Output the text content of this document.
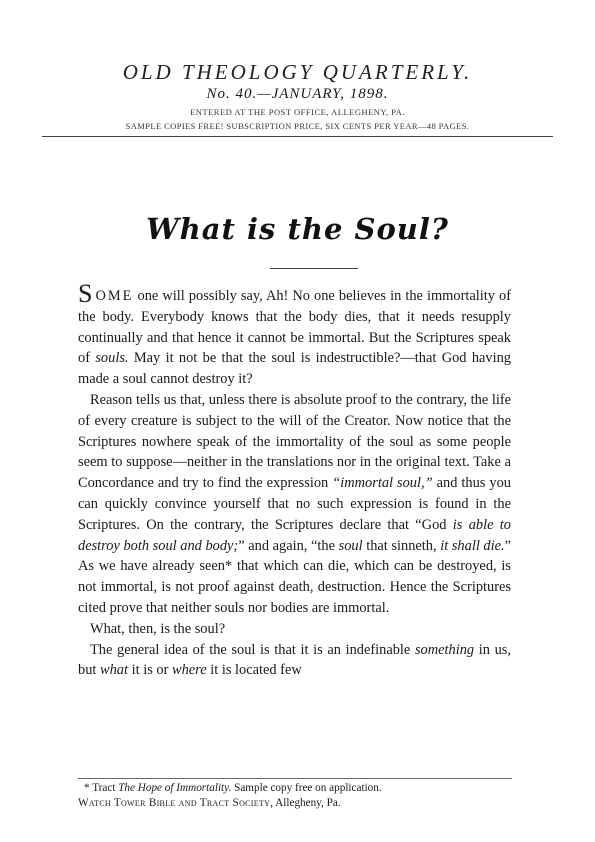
OLD THEOLOGY QUARTERLY.
No. 40.—JANUARY, 1898.
ENTERED AT THE POST OFFICE, ALLEGHENY, PA.
SAMPLE COPIES FREE! SUBSCRIPTION PRICE, SIX CENTS PER YEAR—48 PAGES.
What is the Soul?

SOME one will possibly say, Ah! No one believes in the immortality of the body. Everybody knows that the body dies, that it needs resupply continually and that hence it cannot be immortal. But the Scriptures speak of souls. May it not be that the soul is indestructible?—that God having made a soul cannot destroy it?

Reason tells us that, unless there is absolute proof to the contrary, the life of every creature is subject to the will of the Creator. Now notice that the Scriptures nowhere speak of the immortality of the soul as some people seem to suppose—neither in the translations nor in the original text. Take a Concordance and try to find the expression “immortal soul,” and thus you can quickly convince yourself that no such expression is found in the Scriptures. On the contrary, the Scriptures declare that “God is able to destroy both soul and body;” and again, “the soul that sinneth, it shall die.” As we have already seen* that which can die, which can be destroyed, is not immortal, is not proof against death, destruction. Hence the Scriptures cited prove that neither souls nor bodies are immortal.

What, then, is the soul?

The general idea of the soul is that it is an indefinable something in us, but what it is or where it is located few

* Tract The Hope of Immortality. Sample copy free on application.
Watch Tower Bible and Tract Society, Allegheny, Pa.
